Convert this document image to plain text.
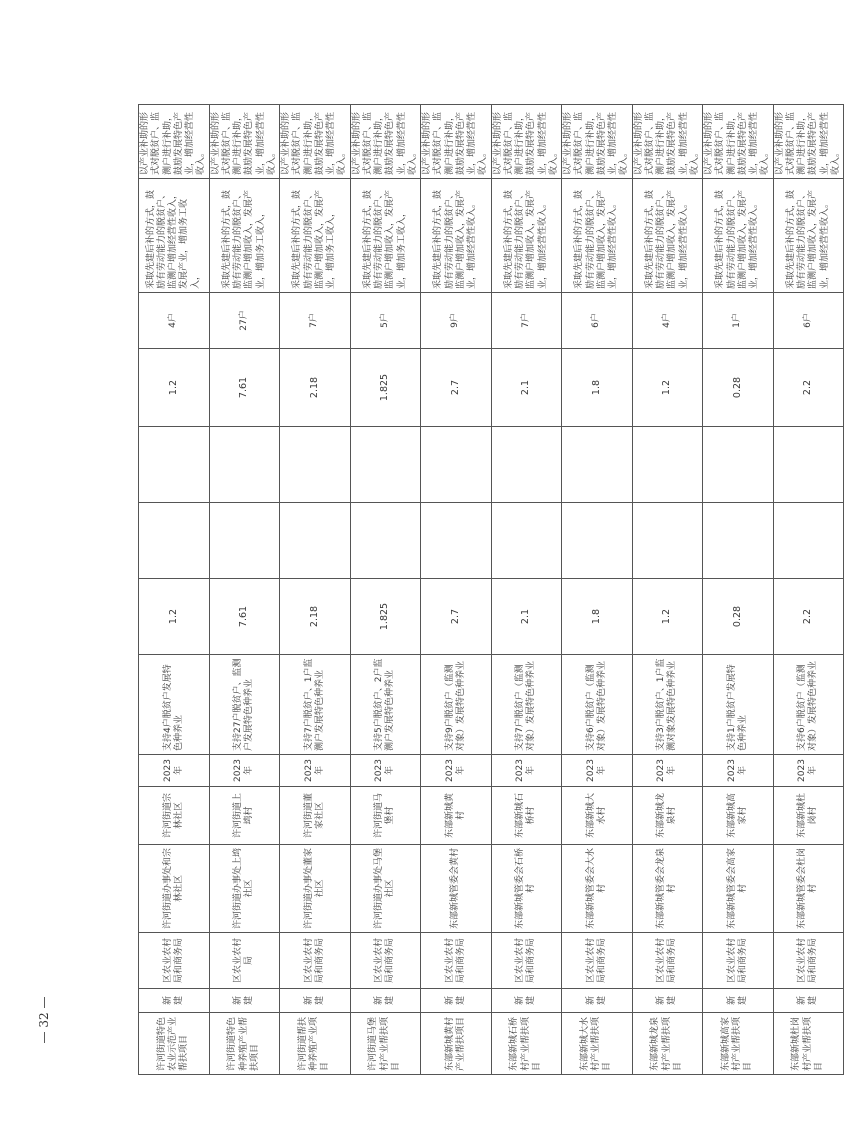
许河街道特色农业示范产业帮扶项目	新建	区农业农村局和商务局	许河街道办事处和宗林社区	许河街道宗林社区	2023年	支持4户脱贫户发展特色种养业	1.2			1.2	4户	采取先建后补的方式，鼓励有劳动能力的脱贫户、监测户增加经营性收入，发展产业，增加务工收入，	以产业补助的形式对脱贫户、监测户进行补助，鼓励发展特色产业，增加经营性收入。
许河街道特色种养殖产业帮扶项目	新建	区农业农村局	许河街道办事处上塆社区	许河街道上塆村	2023年	支持27户脱贫户、监测户发展特色种养业	7.61			7.61	27户	采取先建后补的方式，鼓励有劳动能力的脱贫户、监测户增加收入，发展产业，增加务工收入，	以产业补助的形式对脱贫户、监测户进行补助，鼓励发展特色产业，增加经营性收入。
许河街道帮扶种养殖产业项目	新建	区农业农村局和商务局	许河街道办事处董家社区	许河街道董家社区	2023年	支持7户脱贫户、1户监测户发展特色种养业	2.18			2.18	7户	采取先建后补的方式，鼓励有劳动能力的脱贫户、监测户增加收入，发展产业，增加务工收入，	以产业补助的形式对脱贫户、监测户进行补助，鼓励发展特色产业，增加经营性收入。
许河街道马堡村产业帮扶项目	新建	区农业农村局和商务局	许河街道办事处马堡社区	许河街道马堡村	2023年	支持5户脱贫户、2户监测户发展特色种养业	1.825			1.825	5户	采取先建后补的方式，鼓励有劳动能力的脱贫户、监测户增加收入，发展产业，增加务工收入，	以产业补助的形式对脱贫户、监测户进行补助，鼓励发展特色产业，增加经营性收入。
东部新城黄村产业帮扶项目	新建	区农业农村局和商务局	东部新城管委会黄村	东部新城黄村	2023年	支持9户脱贫户（监测对象）发展特色种养业	2.7			2.7	9户	采取先建后补的方式，鼓励有劳动能力的脱贫户、监测户增加收入，发展产业，增加经营性收入。	以产业补助的形式对脱贫户、监测户进行补助，鼓励发展特色产业，增加经营性收入。
东部新城石桥村产业帮扶项目	新建	区农业农村局和商务局	东部新城管委会石桥村	东部新城石桥村	2023年	支持7户脱贫户（监测对象）发展特色种养业	2.1			2.1	7户	采取先建后补的方式，鼓励有劳动能力的脱贫户、监测户增加收入，发展产业，增加经营性收入。	以产业补助的形式对脱贫户、监测户进行补助，鼓励发展特色产业，增加经营性收入。
东部新城大水村产业帮扶项目	新建	区农业农村局和商务局	东部新城管委会大水村	东部新城大水村	2023年	支持6户脱贫户（监测对象）发展特色种养业	1.8			1.8	6户	采取先建后补的方式，鼓励有劳动能力的脱贫户、监测户增加收入，发展产业，增加经营性收入。	以产业补助的形式对脱贫户、监测户进行补助，鼓励发展特色产业，增加经营性收入。
东部新城龙泉村产业帮扶项目	新建	区农业农村局和商务局	东部新城管委会龙泉村	东部新城龙泉村	2023年	支持3户脱贫户、1户监测对象发展特色种养业	1.2			1.2	4户	采取先建后补的方式，鼓励有劳动能力的脱贫户、监测户增加收入，发展产业，增加经营性收入。	以产业补助的形式对脱贫户、监测户进行补助，鼓励发展特色产业，增加经营性收入。
东部新城高家村产业帮扶项目	新建	区农业农村局和商务局	东部新城管委会高家村	东部新城高家村	2023年	支持1户脱贫户发展特色种养业	0.28			0.28	1户	采取先建后补的方式，鼓励有劳动能力的脱贫户、监测户增加收入，发展产业，增加经营性收入。	以产业补助的形式对脱贫户、监测户进行补助，鼓励发展特色产业，增加经营性收入。
东部新城杜岗村产业帮扶项目	新建	区农业农村局和商务局	东部新城管委会杜岗村	东部新城杜岗村	2023年	支持6户脱贫户（监测对象）发展特色种养业	2.2			2.2	6户	采取先建后补的方式，鼓励有劳动能力的脱贫户、监测户增加收入，发展产业，增加经营性收入。	以产业补助的形式对脱贫户、监测户进行补助，鼓励发展特色产业，增加经营性收入。
— 32 —
